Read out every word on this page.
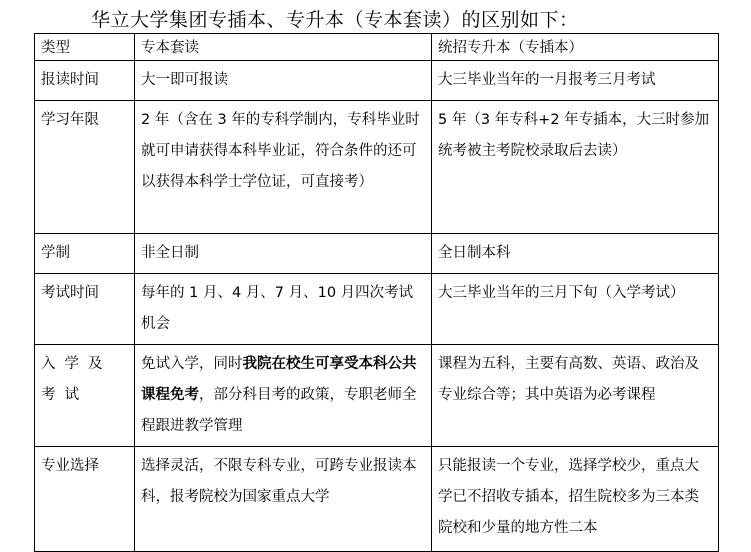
华立大学集团专插本、专升本（专本套读）的区别如下：
类型	专本套读	统招专升本（专插本）
报读时间	大一即可报读	大三毕业当年的一月报考三月考试
学习年限	2 年（含在 3 年的专科学制内，专科毕业时就可申请获得本科毕业证，符合条件的还可以获得本科学士学位证，可直接考）	5 年（3 年专科+2 年专插本，大三时参加统考被主考院校录取后去读）
学制	非全日制	全日制本科
考试时间	每年的 1 月、4 月、7 月、10 月四次考试机会	大三毕业当年的三月下旬（入学考试）
入学及考试	免试入学，同时我院在校生可享受本科公共课程免考，部分科目考的政策，专职老师全程跟进教学管理	课程为五科，主要有高数、英语、政治及专业综合等；其中英语为必考课程
专业选择	选择灵活，不限专科专业，可跨专业报读本科，报考院校为国家重点大学	只能报读一个专业，选择学校少，重点大学已不招收专插本，招生院校多为三本类院校和少量的地方性二本
